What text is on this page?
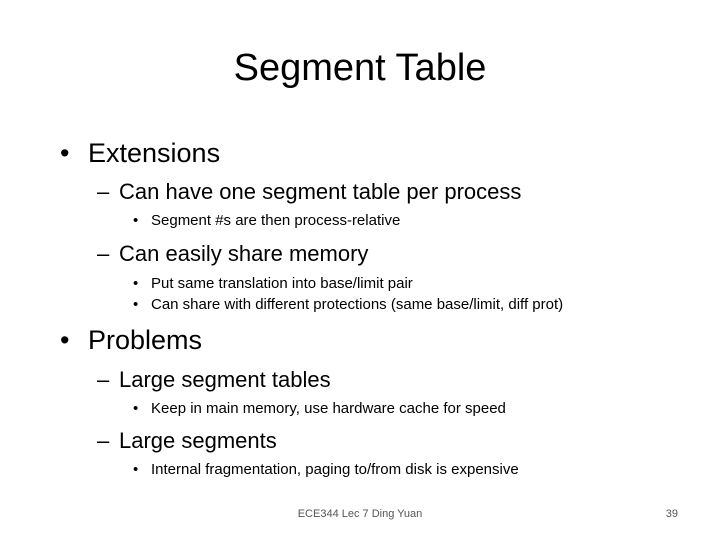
Segment Table
• Extensions
– Can have one segment table per process
• Segment #s are then process-relative
– Can easily share memory
• Put same translation into base/limit pair
• Can share with different protections (same base/limit, diff prot)
• Problems
– Large segment tables
• Keep in main memory, use hardware cache for speed
– Large segments
• Internal fragmentation, paging to/from disk is expensive
ECE344 Lec 7 Ding Yuan	39
